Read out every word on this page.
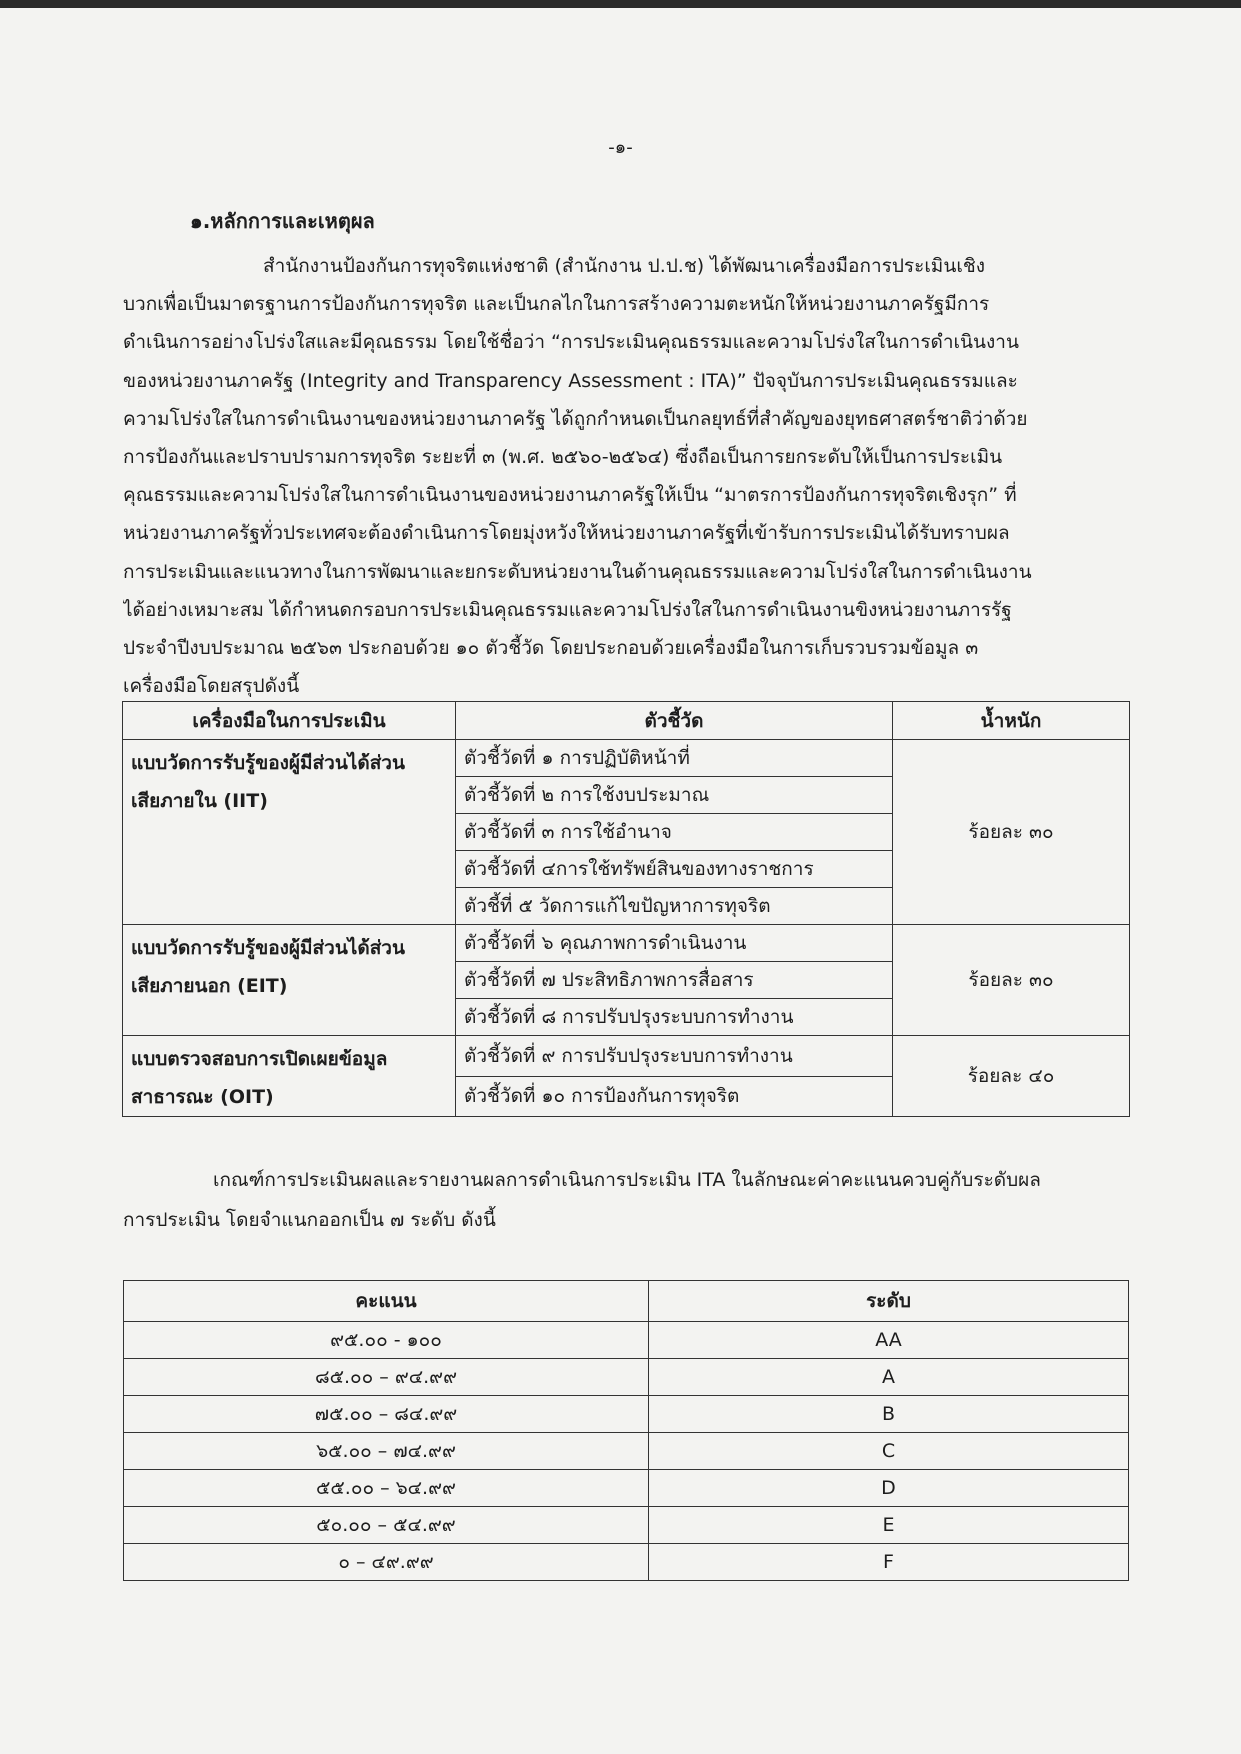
-๑-
๑.หลักการและเหตุผล
สำนักงานป้องกันการทุจริตแห่งชาติ (สำนักงาน ป.ป.ช) ได้พัฒนาเครื่องมือการประเมินเชิง
บวกเพื่อเป็นมาตรฐานการป้องกันการทุจริต และเป็นกลไกในการสร้างความตะหนักให้หน่วยงานภาครัฐมีการ
ดำเนินการอย่างโปร่งใสและมีคุณธรรม โดยใช้ชื่อว่า “การประเมินคุณธรรมและความโปร่งใสในการดำเนินงาน
ของหน่วยงานภาครัฐ (Integrity and Transparency Assessment : ITA)” ปัจจุบันการประเมินคุณธรรมและ
ความโปร่งใสในการดำเนินงานของหน่วยงานภาครัฐ ได้ถูกกำหนดเป็นกลยุทธ์ที่สำคัญของยุทธศาสตร์ชาติว่าด้วย
การป้องกันและปราบปรามการทุจริต ระยะที่ ๓ (พ.ศ. ๒๕๖๐-๒๕๖๔) ซึ่งถือเป็นการยกระดับให้เป็นการประเมิน
คุณธรรมและความโปร่งใสในการดำเนินงานของหน่วยงานภาครัฐให้เป็น “มาตรการป้องกันการทุจริตเชิงรุก” ที่
หน่วยงานภาครัฐทั่วประเทศจะต้องดำเนินการโดยมุ่งหวังให้หน่วยงานภาครัฐที่เข้ารับการประเมินได้รับทราบผล
การประเมินและแนวทางในการพัฒนาและยกระดับหน่วยงานในด้านคุณธรรมและความโปร่งใสในการดำเนินงาน
ได้อย่างเหมาะสม ได้กำหนดกรอบการประเมินคุณธรรมและความโปร่งใสในการดำเนินงานขิงหน่วยงานภารรัฐ
ประจำปีงบประมาณ ๒๕๖๓ ประกอบด้วย ๑๐ ตัวชี้วัด โดยประกอบด้วยเครื่องมือในการเก็บรวบรวมข้อมูล ๓
เครื่องมือโดยสรุปดังนี้
เครื่องมือในการประเมิน	ตัวชี้วัด	น้ำหนัก

แบบวัดการรับรู้ของผู้มีส่วนได้ส่วน
เสียภายใน (IIT)	ตัวชี้วัดที่ ๑ การปฏิบัติหน้าที่	ร้อยละ ๓๐
	ตัวชี้วัดที่ ๒ การใช้งบประมาณ	
	ตัวชี้วัดที่ ๓ การใช้อำนาจ	
	ตัวชี้วัดที่ ๔การใช้ทรัพย์สินของทางราชการ	
	ตัวชี้ที่ ๕ วัดการแก้ไขปัญหาการทุจริต	

แบบวัดการรับรู้ของผู้มีส่วนได้ส่วน
เสียภายนอก (EIT)	ตัวชี้วัดที่ ๖ คุณภาพการดำเนินงาน	ร้อยละ ๓๐
	ตัวชี้วัดที่ ๗ ประสิทธิภาพการสื่อสาร	
	ตัวชี้วัดที่ ๘ การปรับปรุงระบบการทำงาน	

แบบตรวจสอบการเปิดเผยข้อมูล
สาธารณะ (OIT)	ตัวชี้วัดที่ ๙ การปรับปรุงระบบการทำงาน	ร้อยละ ๔๐
	ตัวชี้วัดที่ ๑๐ การป้องกันการทุจริต	
เกณฑ์การประเมินผลและรายงานผลการดำเนินการประเมิน ITA ในลักษณะค่าคะแนนควบคู่กับระดับผล
การประเมิน โดยจำแนกออกเป็น ๗ ระดับ ดังนี้
คะแนน	ระดับ
๙๕.๐๐ - ๑๐๐	AA
๘๕.๐๐ – ๙๔.๙๙	A
๗๕.๐๐ – ๘๔.๙๙	B
๖๕.๐๐ – ๗๔.๙๙	C
๕๕.๐๐ – ๖๔.๙๙	D
๕๐.๐๐ – ๕๔.๙๙	E
๐ – ๔๙.๙๙	F
